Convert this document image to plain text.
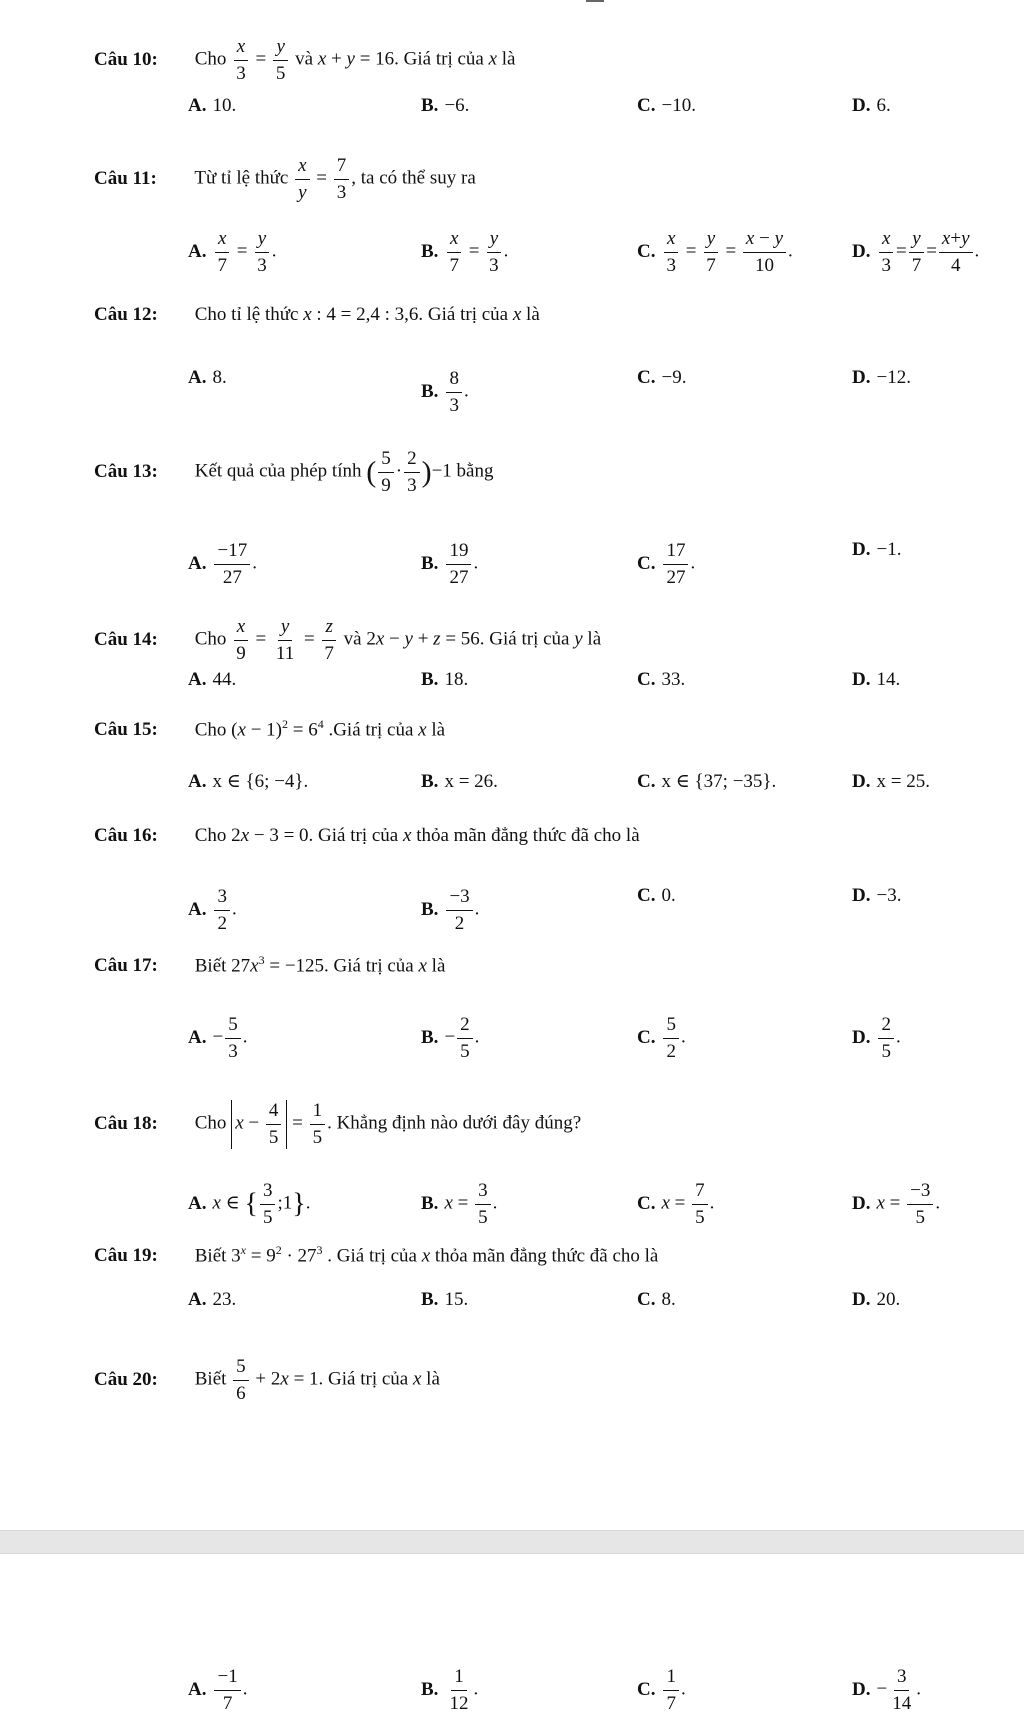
Câu 10: Cho $\frac{x}{3} = \frac{y}{5}$ và x + y = 16. Giá trị của x là
A. 10.	B. −6.	C. −10.	D. 6.
Câu 11: Từ tỉ lệ thức $\frac{x}{y} = \frac{7}{3}$ , ta có thể suy ra
A. $\frac{x}{7} = \frac{y}{3}$ .	B. $\frac{x}{7} = \frac{y}{3}$ .	C. $\frac{x}{3} = \frac{y}{7} = \frac{x - y}{10}$ .	D. $\frac{x}{3} = \frac{y}{7} = \frac{x+y}{4}$ .
Câu 12: Cho tỉ lệ thức x : 4 = 2,4 : 3,6. Giá trị của x là
A. 8.
B. $\frac{8}{3}$ .
C. −9.	D. −12.
Câu 13: Kết quả của phép tính ( $\frac{5}{9} \cdot \frac{2}{3} )-1$ bằng
A. $\frac{-17}{27}$ .	B. $\frac{19}{27}$ .	C. $\frac{17}{27}$ .
D. −1.
Câu 14: Cho $\frac{x}{9} = \frac{y}{11} = \frac{z}{7}$ và 2x − y + z = 56. Giá trị của y là
A. 44.	B. 18.	C. 33.	D. 14.
Câu 15: Cho $(x - 1)^2 = 6^4$ .Giá trị của x là
A. x ∈ {6; −4}.	B. x = 26.	C. x ∈ {37; −35}.	D. x = 25.
Câu 16: Cho 2x − 3 = 0. Giá trị của x thỏa mãn đẳng thức đã cho là
A. $\frac{3}{2}$ .	B. $\frac{-3}{2}$ .
C. 0.	D. −3.
Câu 17: Biết $27x^3 = -125$. Giá trị của x là
A. − $\frac{5}{3}$ .	B. − $\frac{2}{5}$ .	C. $\frac{5}{2}$ .	D. $\frac{2}{5}$ .
Câu 18: Cho $x - \frac{4}{5} = \frac{1}{5}$ . Khẳng định nào dưới đây đúng?
A. x ∈ { $\frac{3}{5}$ ;1}.	B. $x = \frac{3}{5}$ .	C. $x = \frac{7}{5}$ .	D. $x = \frac{-3}{5}$ .
Câu 19: Biết $3^x = 9^2 \cdot 27^3$ . Giá trị của x thỏa mãn đẳng thức đã cho là
A. 23.	B. 15.	C. 8.	D. 20.
Câu 20: Biết $\frac{5}{6} + 2x = 1$. Giá trị của x là
A. $\frac{-1}{7}$ .	B. $\frac{1}{12}$ .	C. $\frac{1}{7}$ .	D. − $\frac{3}{14}$ .
